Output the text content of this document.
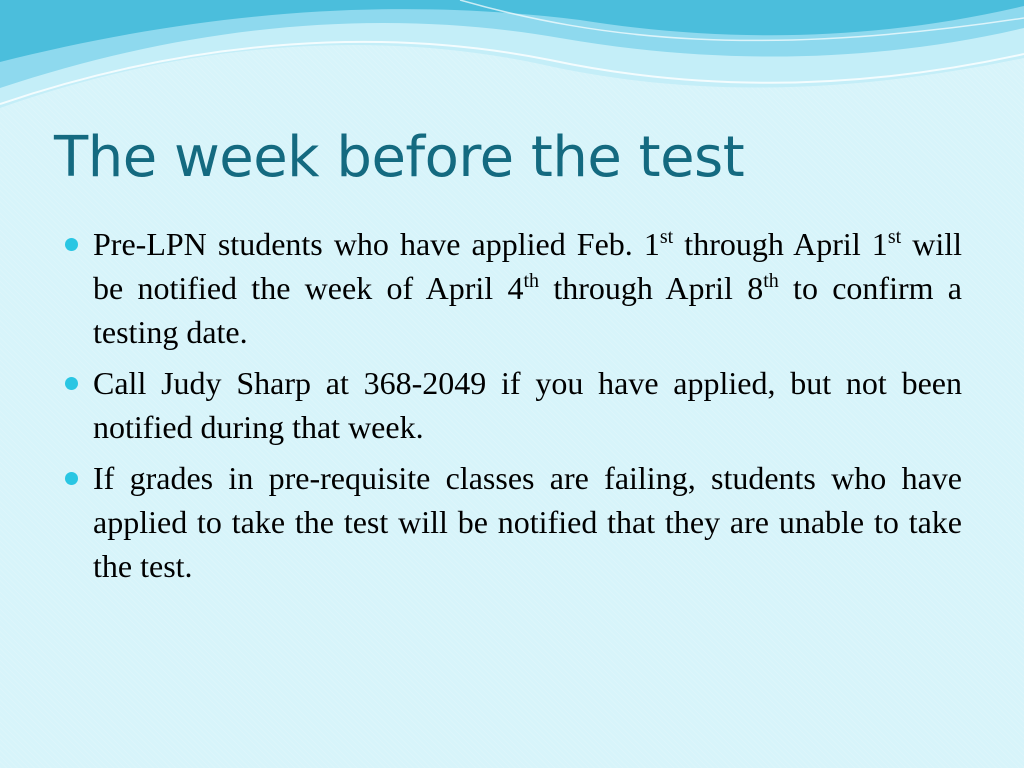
The week before the test
Pre-LPN students who have applied Feb. 1st through April 1st will be notified the week of April 4th through April 8th to confirm a testing date.
Call Judy Sharp at 368-2049 if you have applied, but not been notified during that week.
If grades in pre-requisite classes are failing, students who have applied to take the test will be notified that they are unable to take the test.
